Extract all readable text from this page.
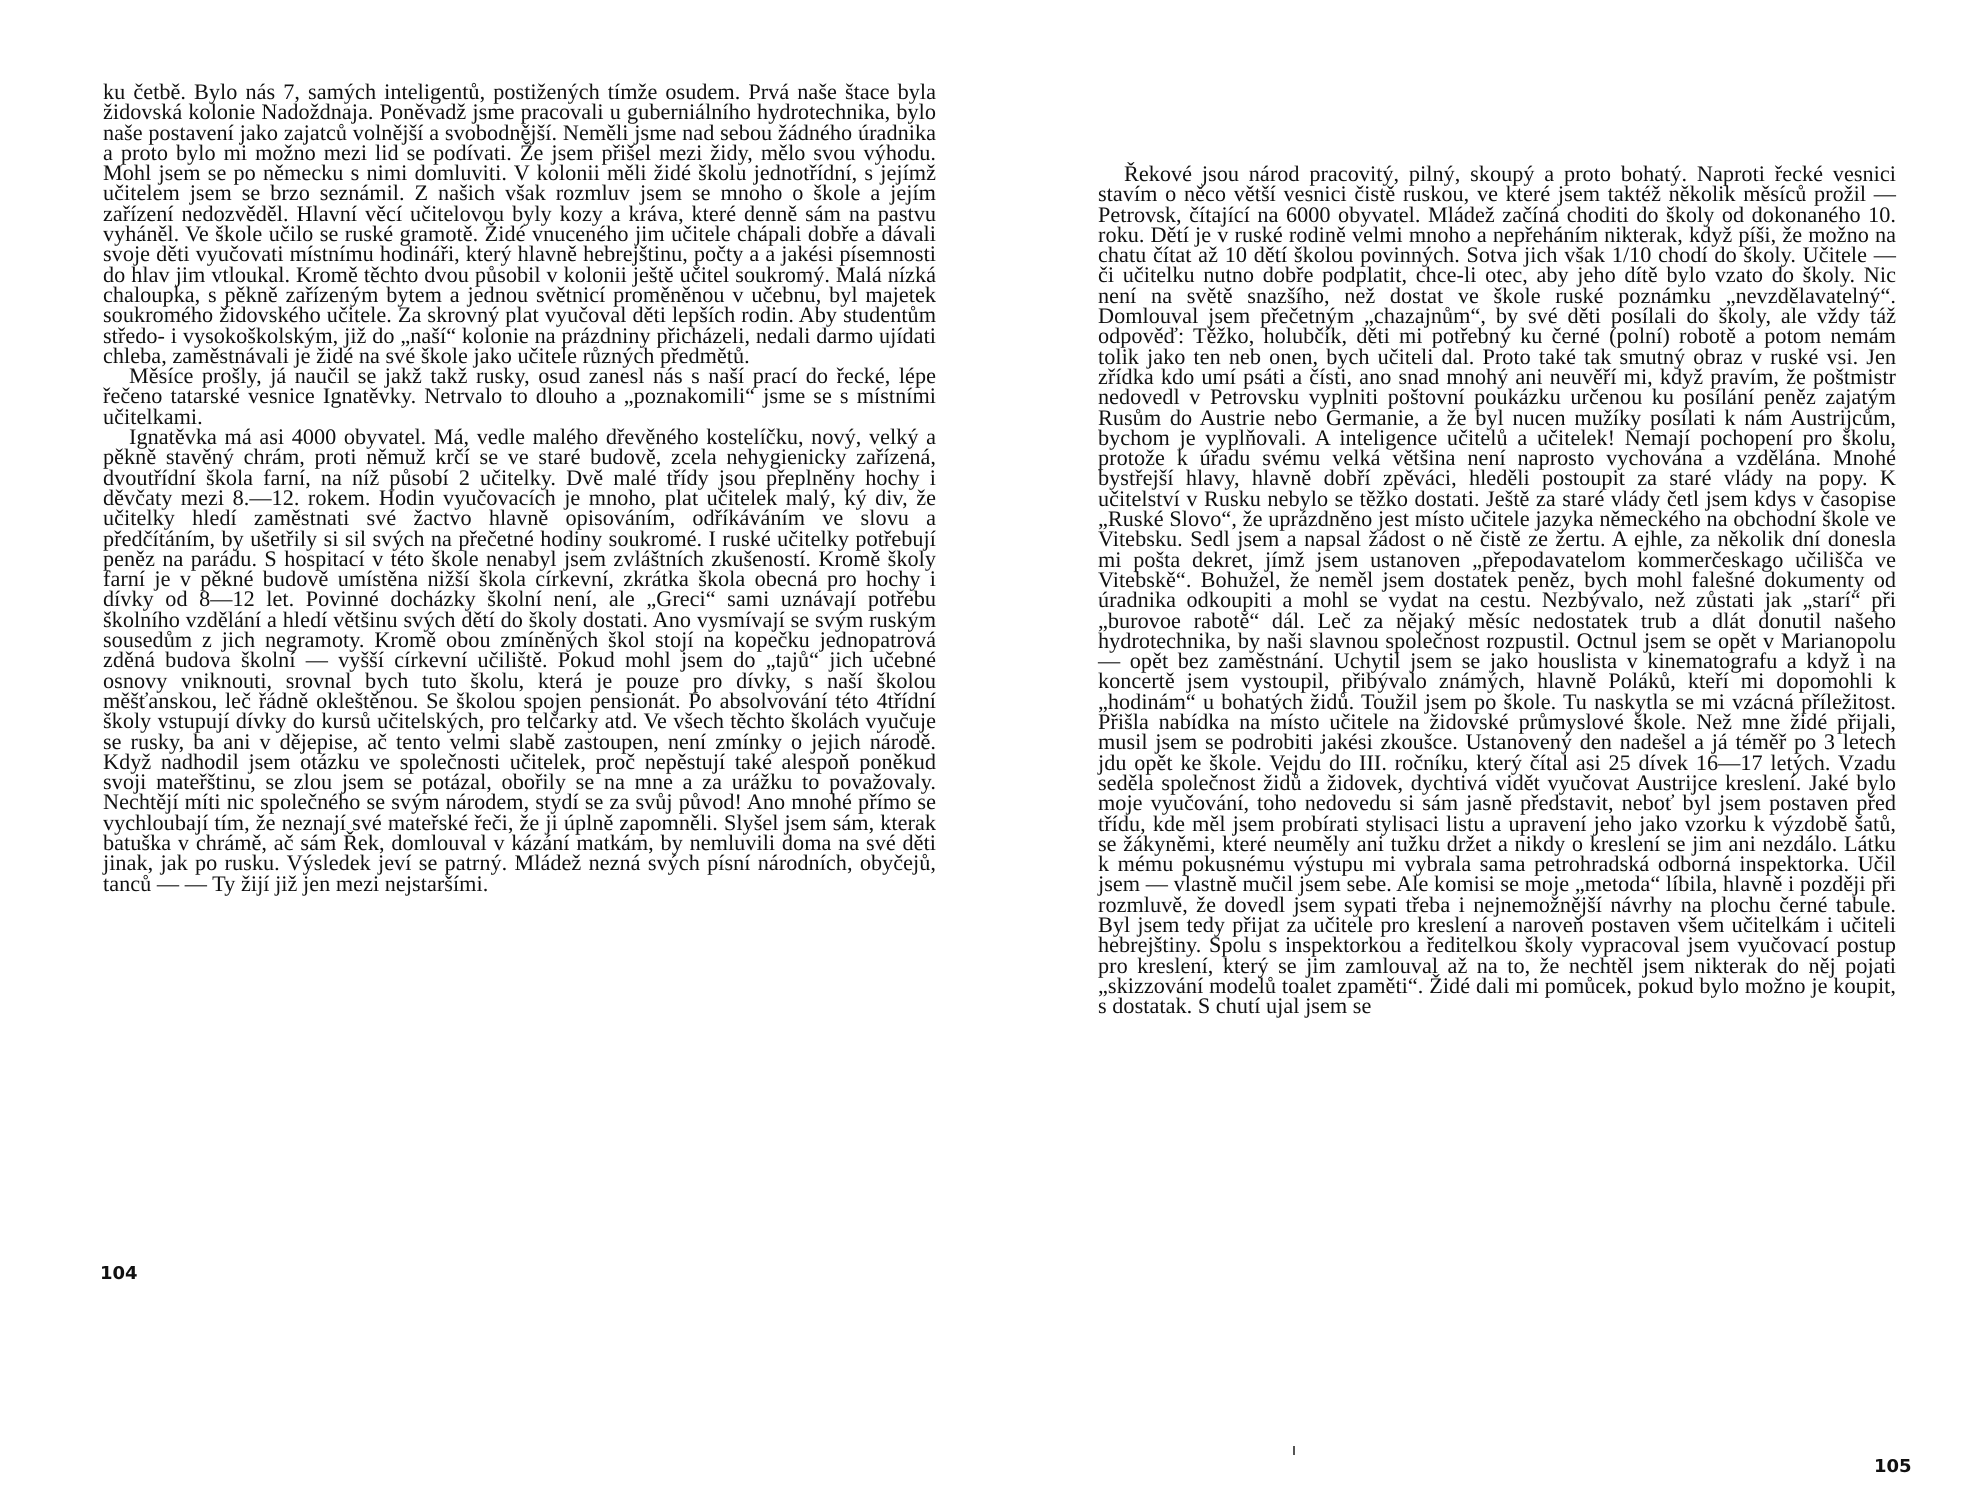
ku četbě. Bylo nás 7, samých inteligentů, postižených tímže osudem. Prvá naše štace byla židovská kolonie Nadoždnaja. Poněvadž jsme pracovali u guberniálního hydrotechnika, bylo naše postavení jako zajatců volnější a svobodnější. Neměli jsme nad sebou žádného úradnika a proto bylo mi možno mezi lid se podívati. Že jsem přišel mezi židy, mělo svou výhodu. Mohl jsem se po německu s nimi domluviti. V kolonii měli židé školu jednotřídní, s jejímž učitelem jsem se brzo seznámil. Z našich však rozmluv jsem se mnoho o škole a jejím zařízení nedozvěděl. Hlavní věcí učitelovou byly kozy a kráva, které denně sám na pastvu vyháněl. Ve škole učilo se ruské gramotě. Židé vnuceného jim učitele chápali dobře a dávali svoje děti vyučovati místnímu hodináři, který hlavně hebrejštinu, počty a a jakési písemnosti do hlav jim vtloukal. Kromě těchto dvou působil v kolonii ještě učitel soukromý. Malá nízká chaloupka, s pěkně zařízeným bytem a jednou světnicí proměněnou v učebnu, byl majetek soukromého židovského učitele. Za skrovný plat vyučoval děti lepších rodin. Aby studentům středo- i vysokoškolským, již do „naší“ kolonie na prázdniny přicházeli, nedali darmo ujídati chleba, zaměstnávali je židé na své škole jako učitele různých předmětů.

Měsíce prošly, já naučil se jakž takž rusky, osud zanesl nás s naší prací do řecké, lépe řečeno tatarské vesnice Ignatěvky. Netrvalo to dlouho a „poznakomili“ jsme se s místními učitelkami.

Ignatěvka má asi 4000 obyvatel. Má, vedle malého dřevěného kostelíčku, nový, velký a pěkně stavěný chrám, proti němuž krčí se ve staré budově, zcela nehygienicky zařízená, dvoutřídní škola farní, na níž působí 2 učitelky. Dvě malé třídy jsou přeplněny hochy i děvčaty mezi 8.—12. rokem. Hodin vyučovacích je mnoho, plat učitelek malý, ký div, že učitelky hledí zaměstnati své žactvo hlavně opisováním, odříkáváním ve slovu a předčítáním, by ušetřily si sil svých na přečetné hodiny soukromé. I ruské učitelky potřebují peněz na parádu. S hospitací v této škole nenabyl jsem zvláštních zkušeností. Kromě školy farní je v pěkné budově umístěna nižší škola církevní, zkrátka škola obecná pro hochy i dívky od 8—12 let. Povinné docházky školní není, ale „Greci“ sami uznávají potřebu školního vzdělání a hledí většinu svých dětí do školy dostati. Ano vysmívají se svým ruským sousedům z jich negramoty. Kromě obou zmíněných škol stojí na kopečku jednopatrová zděná budova školní — vyšší církevní učiliště. Pokud mohl jsem do „tajů“ jich učebné osnovy vniknouti, srovnal bych tuto školu, která je pouze pro dívky, s naší školou měšťanskou, leč řádně okleštěnou. Se školou spojen pensionát. Po absolvování této 4třídní školy vstupují dívky do kursů učitelských, pro telčarky atd. Ve všech těchto školách vyučuje se rusky, ba ani v dějepise, ač tento velmi slabě zastoupen, není zmínky o jejich národě. Když nadhodil jsem otázku ve společnosti učitelek, proč nepěstují také alespoň poněkud svoji mateřštinu, se zlou jsem se potázal, obořily se na mne a za urážku to považovaly. Nechtějí míti nic společného se svým národem, stydí se za svůj původ! Ano mnohé přímo se vychloubají tím, že neznají své mateřské řeči, že ji úplně zapomněli. Slyšel jsem sám, kterak batuška v chrámě, ač sám Řek, domlouval v kázání matkám, by nemluvili doma na své děti jinak, jak po rusku. Výsledek jeví se patrný. Mládež nezná svých písní národních, obyčejů, tanců — — Ty žijí již jen mezi nejstaršími.

104

Řekové jsou národ pracovitý, pilný, skoupý a proto bohatý. Naproti řecké vesnici stavím o něco větší vesnici čistě ruskou, ve které jsem taktéž několik měsíců prožil — Petrovsk, čítající na 6000 obyvatel. Mládež začíná choditi do školy od dokonaného 10. roku. Dětí je v ruské rodině velmi mnoho a nepřeháním nikterak, když píši, že možno na chatu čítat až 10 dětí školou povinných. Sotva jich však 1/10 chodí do školy. Učitele — či učitelku nutno dobře podplatit, chce-li otec, aby jeho dítě bylo vzato do školy. Nic není na světě snazšího, než dostat ve škole ruské poznámku „nevzdělavatelný“. Domlouval jsem přečetným „chazajnům“, by své děti posílali do školy, ale vždy táž odpověď: Těžko, holubčík, děti mi potřebný ku černé (polní) robotě a potom nemám tolik jako ten neb onen, bych učiteli dal. Proto také tak smutný obraz v ruské vsi. Jen zřídka kdo umí psáti a čísti, ano snad mnohý ani neuvěří mi, když pravím, že poštmistr nedovedl v Petrovsku vyplniti poštovní poukázku určenou ku posílání peněz zajatým Rusům do Austrie nebo Germanie, a že byl nucen mužíky posílati k nám Austrijcům, bychom je vyplňovali. A inteligence učitelů a učitelek! Nemají pochopení pro školu, protože k úřadu svému velká většina není naprosto vychována a vzdělána. Mnohé bystřejší hlavy, hlavně dobří zpěváci, hleděli postoupit za staré vlády na popy. K učitelství v Rusku nebylo se těžko dostati. Ještě za staré vlády četl jsem kdys v časopise „Ruské Slovo“, že uprázdněno jest místo učitele jazyka německého na obchodní škole ve Vitebsku. Sedl jsem a napsal žádost o ně čistě ze žertu. A ejhle, za několik dní donesla mi pošta dekret, jímž jsem ustanoven „přepodavatelom kommerčeskago učilišča ve Vitebskě“. Bohužel, že neměl jsem dostatek peněz, bych mohl falešné dokumenty od úradnika odkoupiti a mohl se vydat na cestu. Nezbývalo, než zůstati jak „starí“ při „burovoe rabotě“ dál. Leč za nějaký měsíc nedostatek trub a dlát donutil našeho hydrotechnika, by naši slavnou společnost rozpustil. Octnul jsem se opět v Marianopolu — opět bez zaměstnání. Uchytil jsem se jako houslista v kinematografu a když i na koncertě jsem vystoupil, přibývalo známých, hlavně Poláků, kteří mi dopomohli k „hodinám“ u bohatých židů. Toužil jsem po škole. Tu naskytla se mi vzácná příležitost. Přišla nabídka na místo učitele na židovské průmyslové škole. Než mne židé přijali, musil jsem se podrobiti jakési zkoušce. Ustanovený den nadešel a já téměř po 3 letech jdu opět ke škole. Vejdu do III. ročníku, který čítal asi 25 dívek 16—17 letých. Vzadu seděla společnost židů a židovek, dychtivá vidět vyučovat Austrijce kreslení. Jaké bylo moje vyučování, toho nedovedu si sám jasně představit, neboť byl jsem postaven před třídu, kde měl jsem probírati stylisaci listu a upravení jeho jako vzorku k výzdobě šatů, se žákyněmi, které neuměly ani tužku držet a nikdy o kreslení se jim ani nezdálo. Látku k mému pokusnému výstupu mi vybrala sama petrohradská odborná inspektorka. Učil jsem — vlastně mučil jsem sebe. Ale komisi se moje „metoda“ líbila, hlavně i později při rozmluvě, že dovedl jsem sypati třeba i nejnemožnější návrhy na plochu černé tabule. Byl jsem tedy přijat za učitele pro kreslení a naroveň postaven všem učitelkám i učiteli hebrejštiny. Spolu s inspektorkou a ředitelkou školy vypracoval jsem vyučovací postup pro kreslení, který se jim zamlouval až na to, že nechtěl jsem nikterak do něj pojati „skizzování modelů toalet zpaměti“. Židé dali mi pomůcek, pokud bylo možno je koupit, s dostatak. S chutí ujal jsem se

105
